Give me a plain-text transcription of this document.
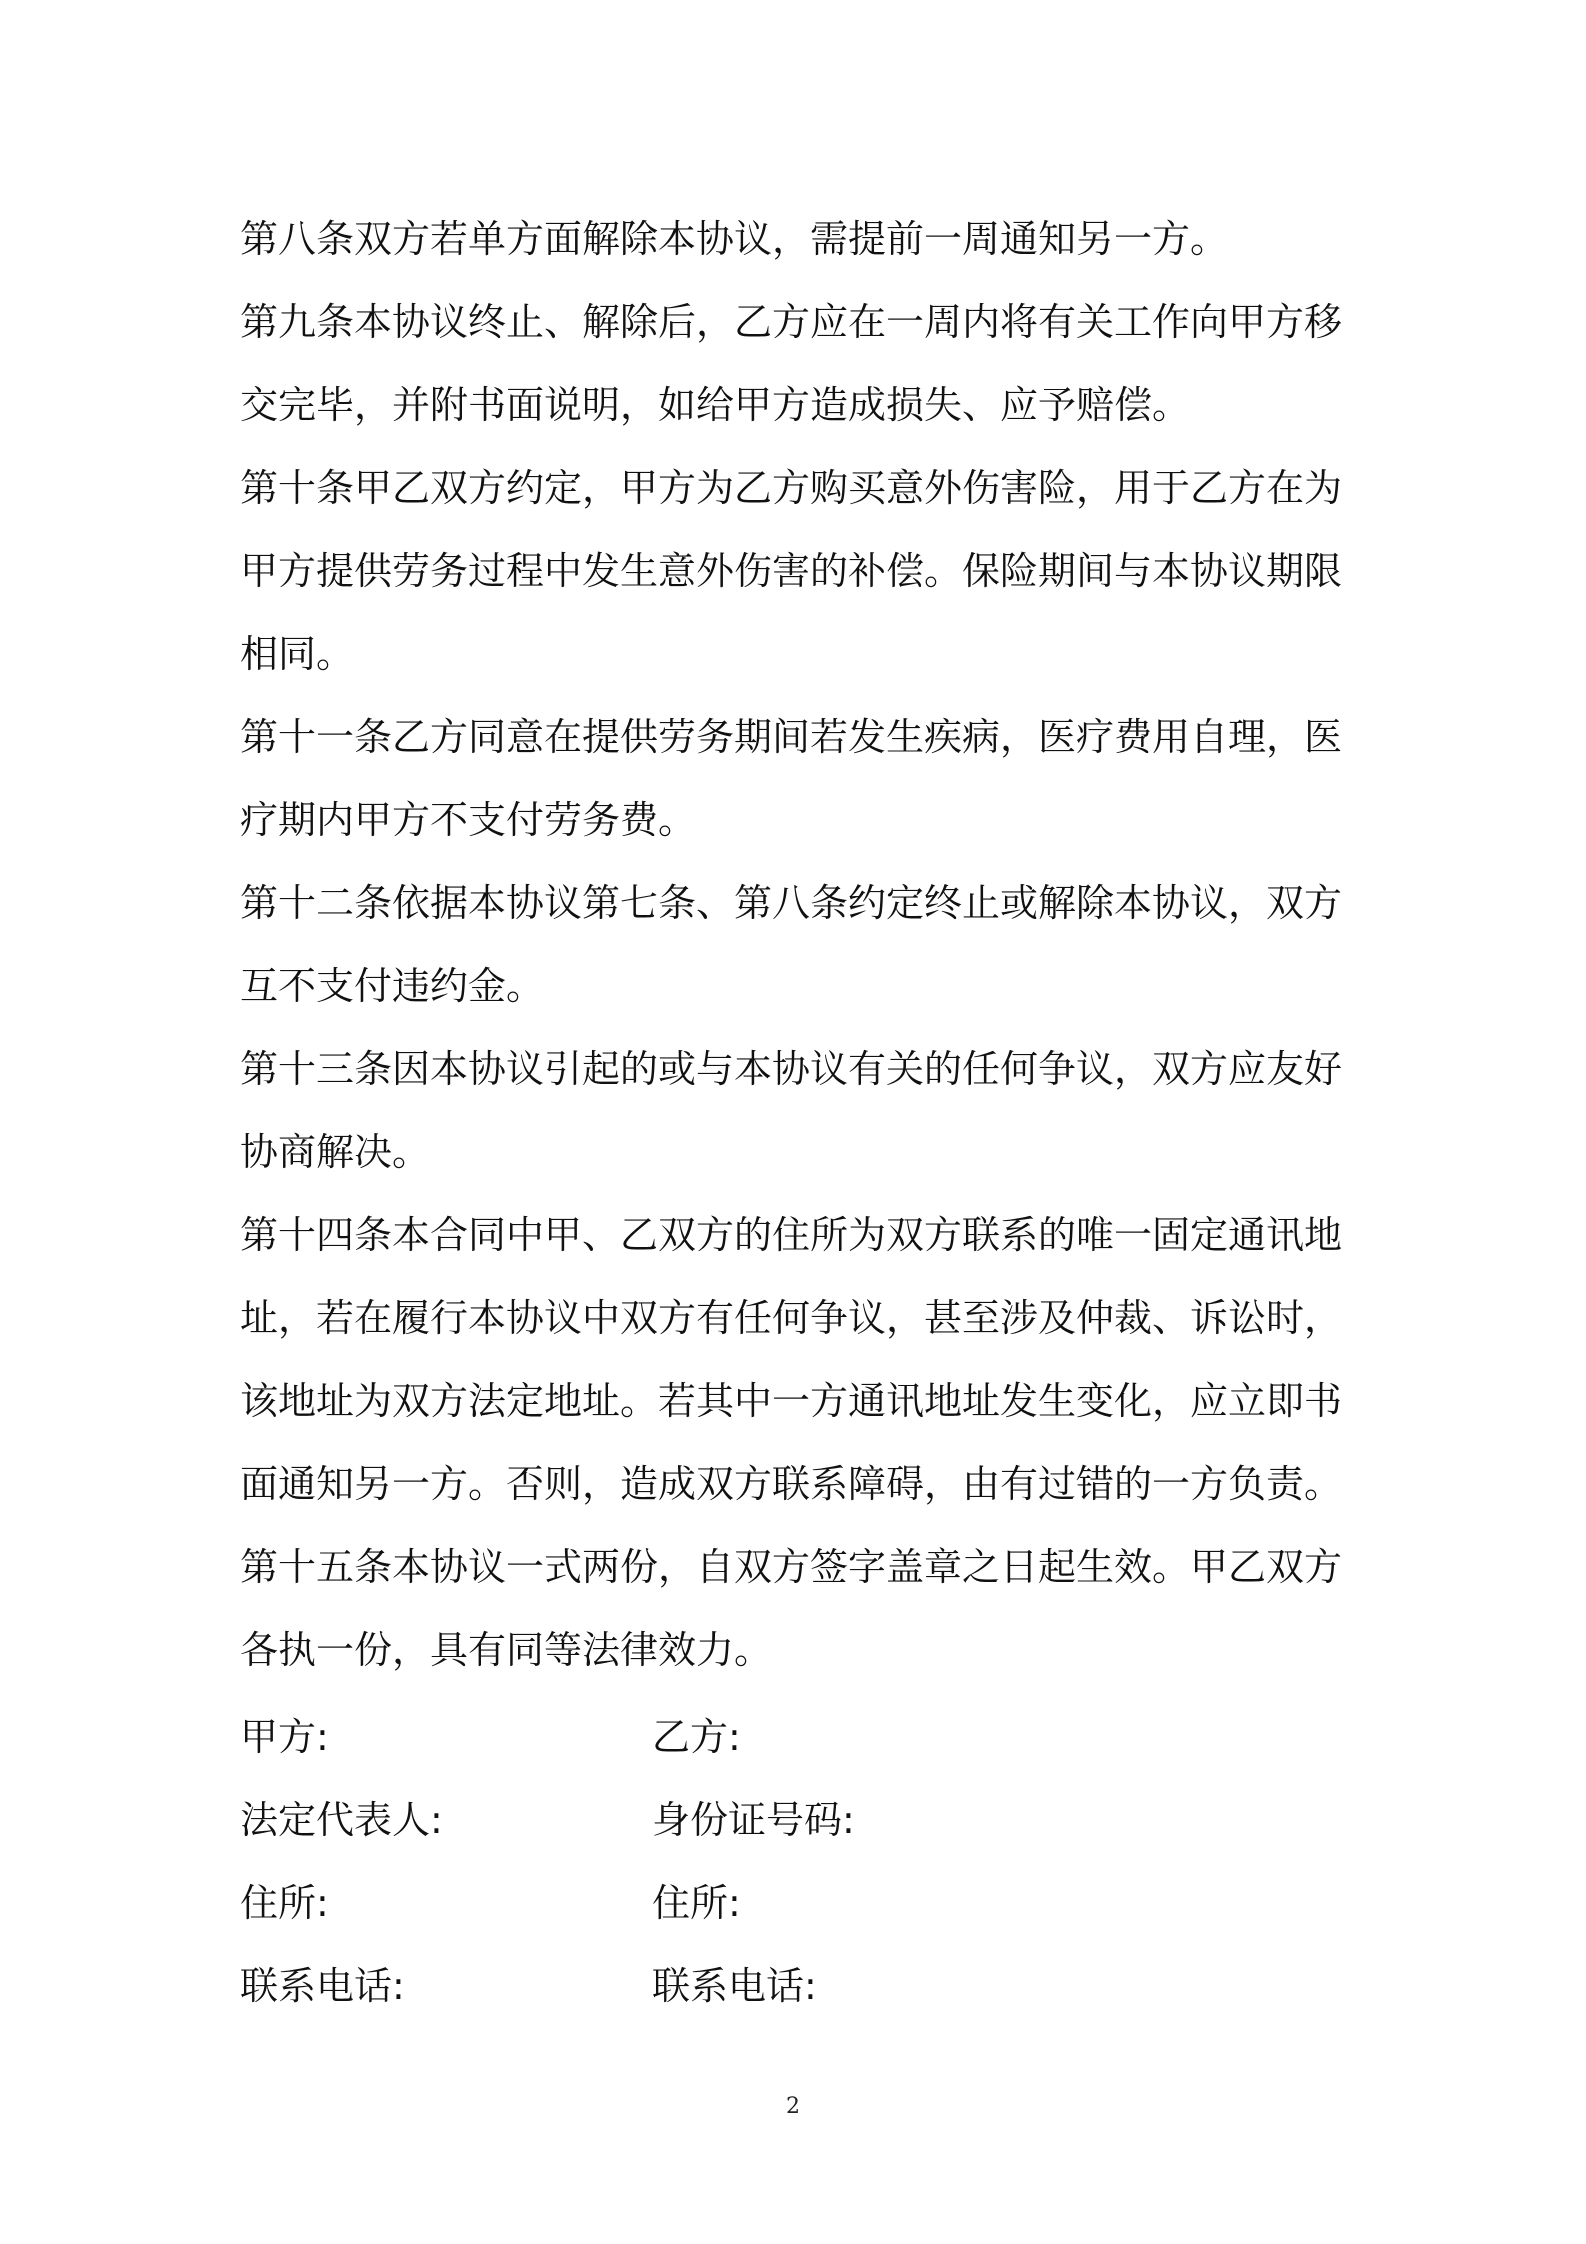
第八条双方若单方面解除本协议，需提前一周通知另一方。

第九条本协议终止、解除后，乙方应在一周内将有关工作向甲方移交完毕，并附书面说明，如给甲方造成损失、应予赔偿。

第十条甲乙双方约定，甲方为乙方购买意外伤害险，用于乙方在为甲方提供劳务过程中发生意外伤害的补偿。保险期间与本协议期限相同。

第十一条乙方同意在提供劳务期间若发生疾病，医疗费用自理，医疗期内甲方不支付劳务费。

第十二条依据本协议第七条、第八条约定终止或解除本协议，双方互不支付违约金。

第十三条因本协议引起的或与本协议有关的任何争议，双方应友好协商解决。

第十四条本合同中甲、乙双方的住所为双方联系的唯一固定通讯地址，若在履行本协议中双方有任何争议，甚至涉及仲裁、诉讼时，该地址为双方法定地址。若其中一方通讯地址发生变化，应立即书面通知另一方。否则，造成双方联系障碍，由有过错的一方负责。

第十五条本协议一式两份，自双方签字盖章之日起生效。甲乙双方各执一份，具有同等法律效力。

甲方:	乙方:
法定代表人:	身份证号码:
住所:	住所:
联系电话:	联系电话:
2
